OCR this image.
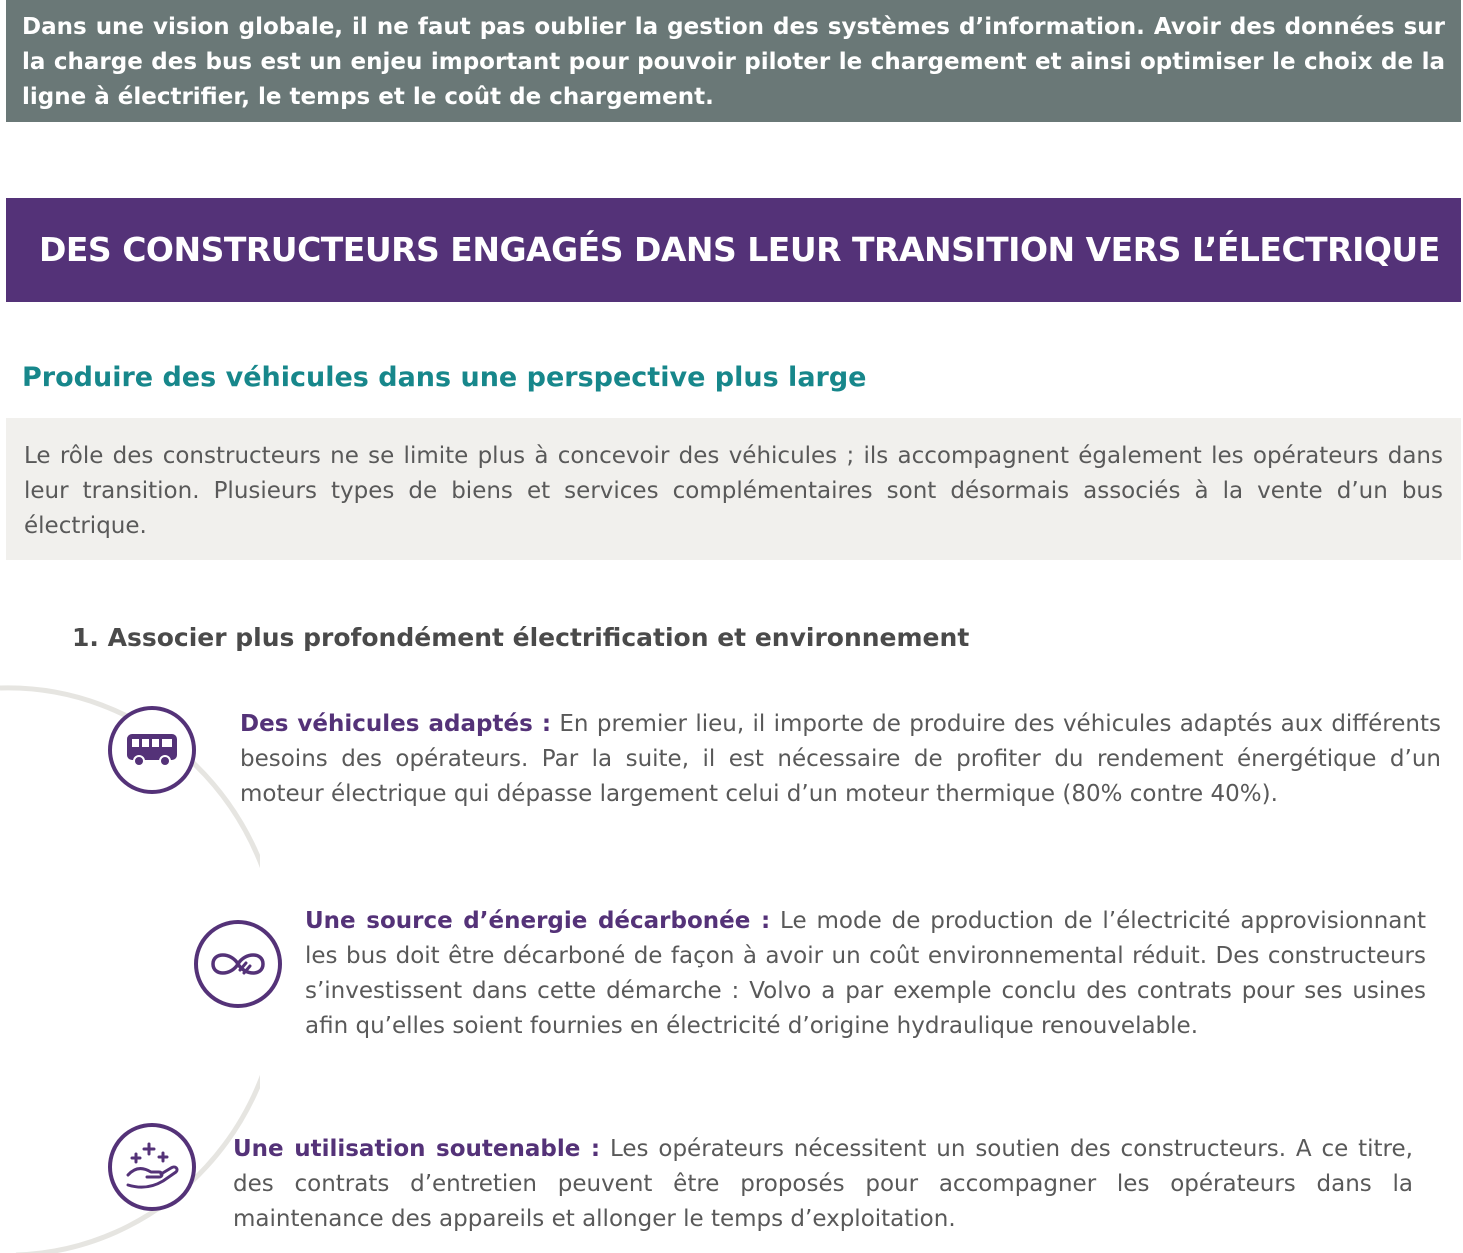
Dans une vision globale, il ne faut pas oublier la gestion des systèmes d’information. Avoir des données sur la charge des bus est un enjeu important pour pouvoir piloter le chargement et ainsi optimiser le choix de la ligne à électrifier, le temps et le coût de chargement.
DES CONSTRUCTEURS ENGAGÉS DANS LEUR TRANSITION VERS L’ÉLECTRIQUE
Produire des véhicules dans une perspective plus large
Le rôle des constructeurs ne se limite plus à concevoir des véhicules ; ils accompagnent également les opérateurs dans leur transition. Plusieurs types de biens et services complémentaires sont désormais associés à la vente d’un bus électrique.
1. Associer plus profondément électrification et environnement
Des véhicules adaptés : En premier lieu, il importe de produire des véhicules adaptés aux différents besoins des opérateurs. Par la suite, il est nécessaire de profiter du rendement énergétique d’un moteur électrique qui dépasse largement celui d’un moteur thermique (80% contre 40%).
Une source d’énergie décarbonée : Le mode de production de l’électricité approvisionnant les bus doit être décarboné de façon à avoir un coût environnemental réduit. Des constructeurs s’investissent dans cette démarche : Volvo a par exemple conclu des contrats pour ses usines afin qu’elles soient fournies en électricité d’origine hydraulique renouvelable.
Une utilisation soutenable : Les opérateurs nécessitent un soutien des constructeurs. A ce titre, des contrats d’entretien peuvent être proposés pour accompagner les opérateurs dans la maintenance des appareils et allonger le temps d’exploitation.
